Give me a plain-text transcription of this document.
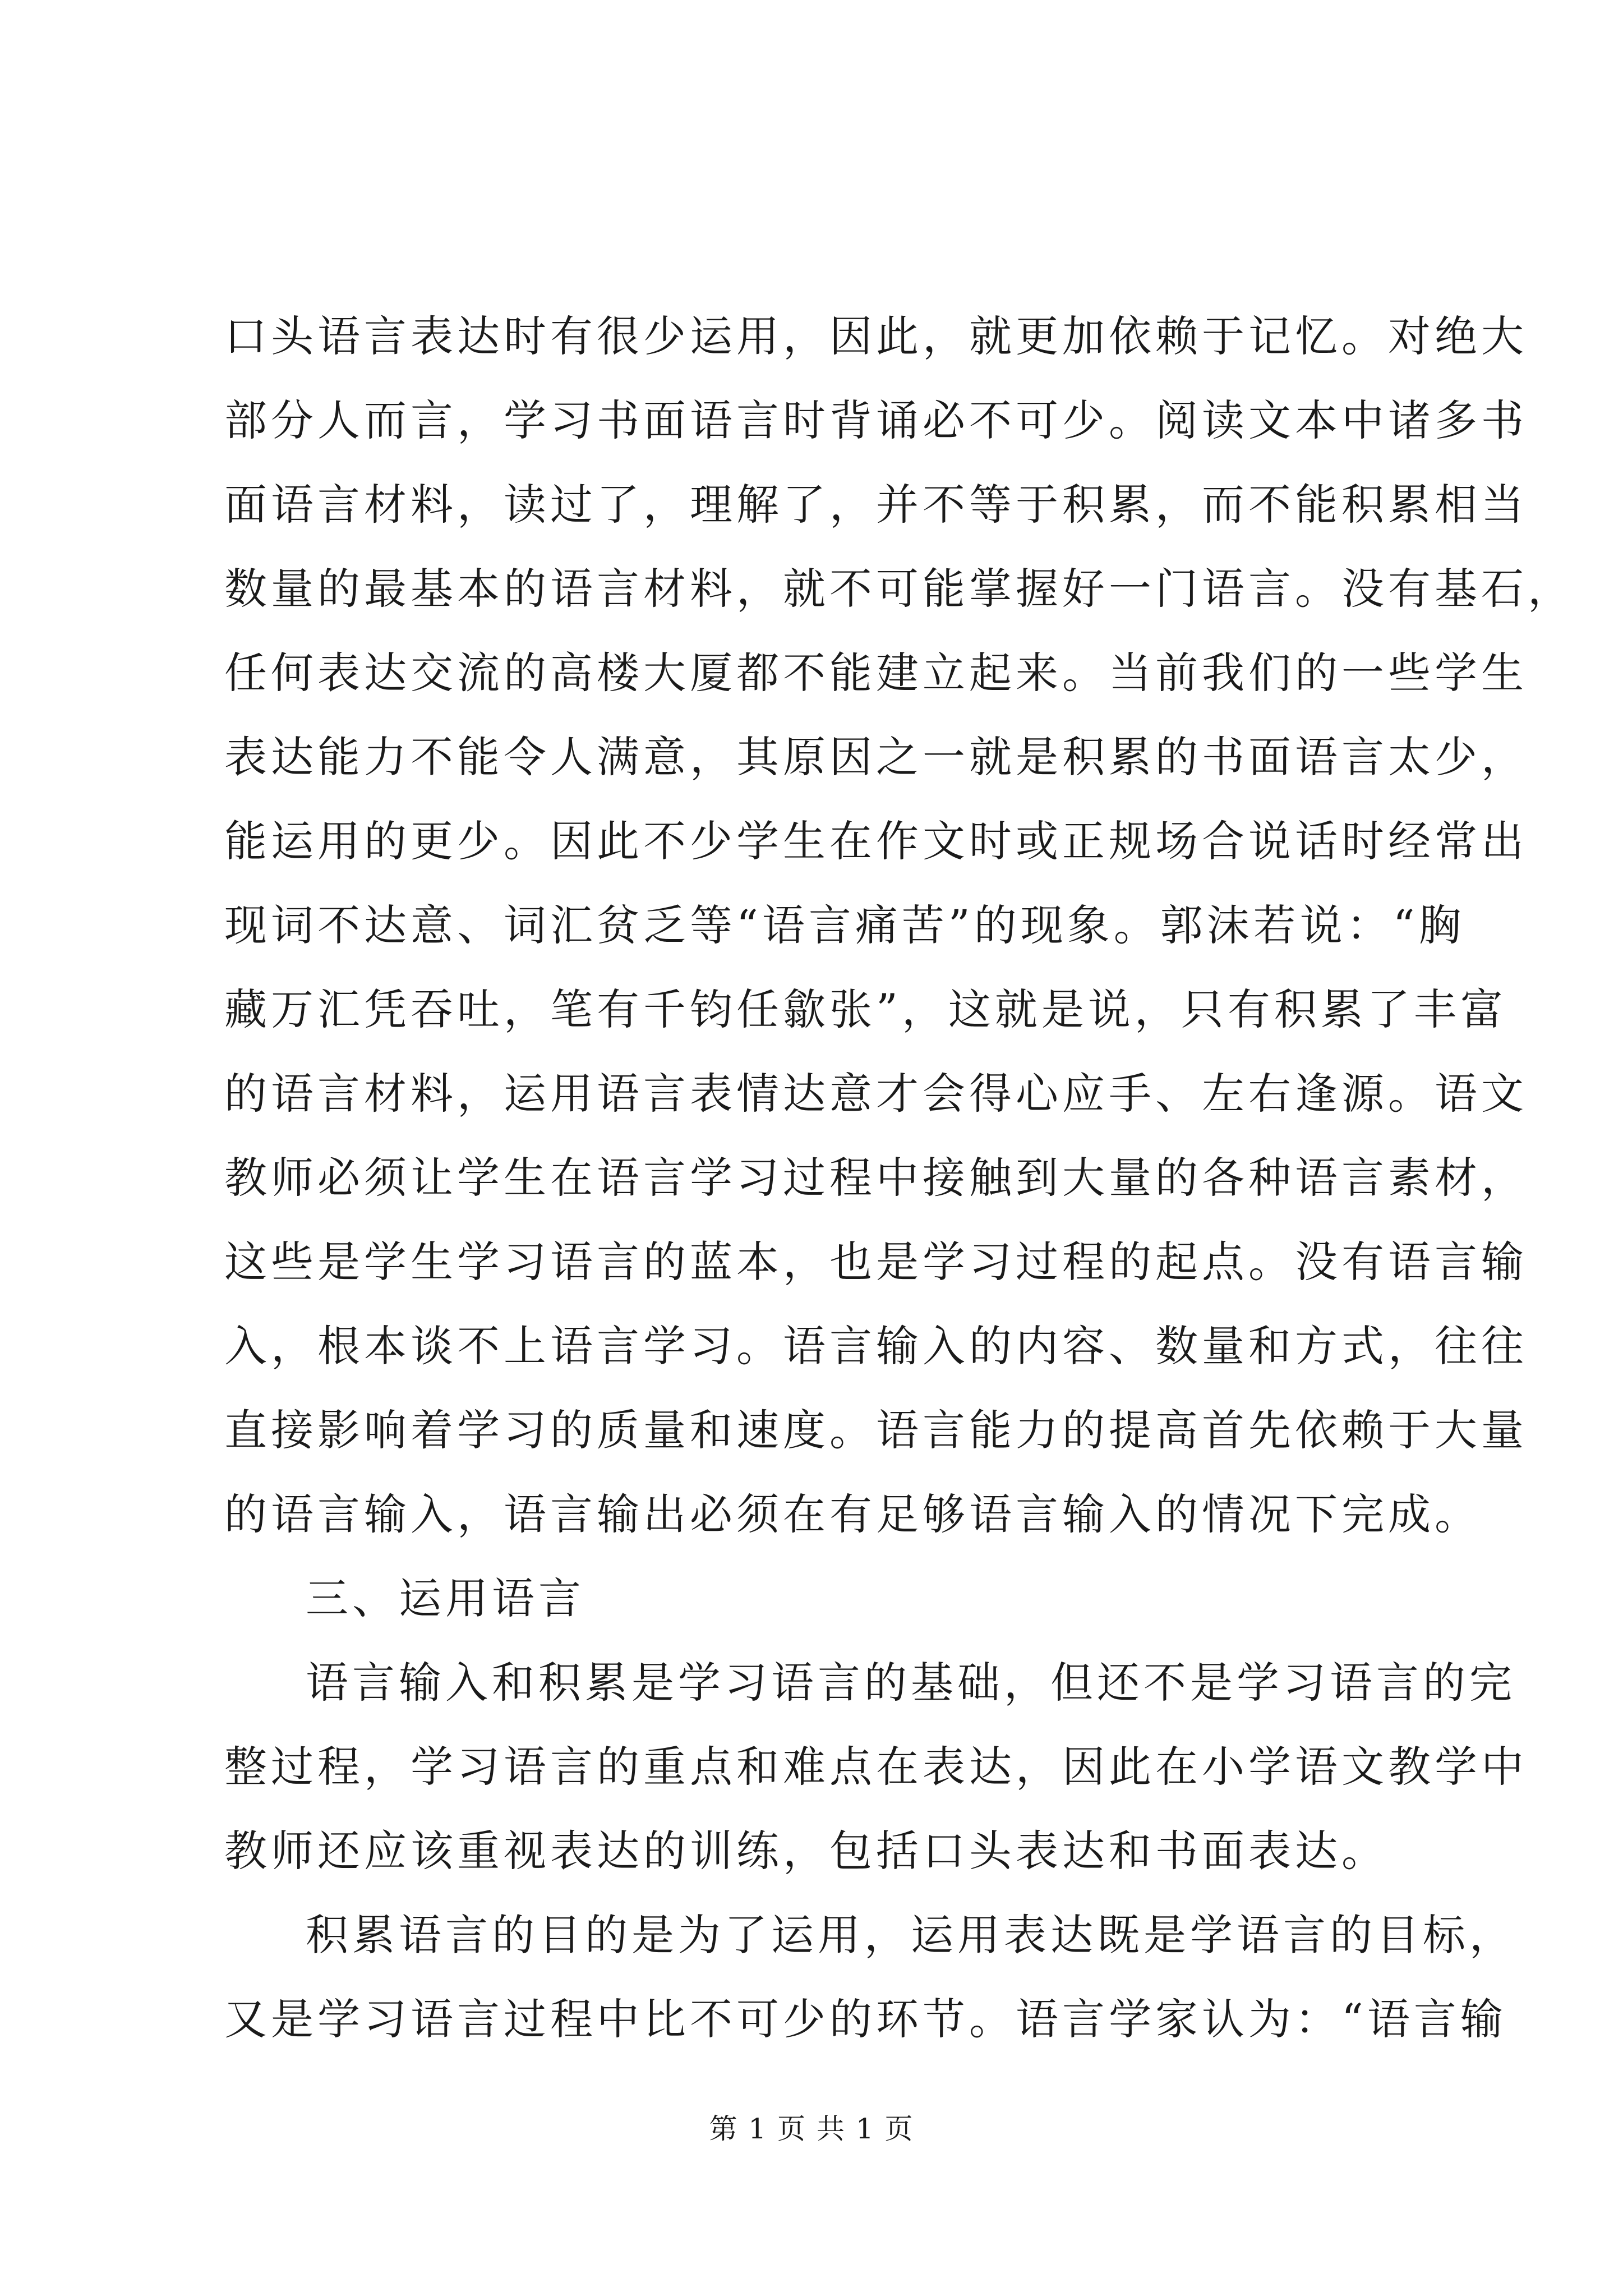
口头语言表达时有很少运用，因此，就更加依赖于记忆。对绝大
部分人而言，学习书面语言时背诵必不可少。阅读文本中诸多书
面语言材料，读过了，理解了，并不等于积累，而不能积累相当
数量的最基本的语言材料，就不可能掌握好一门语言。没有基石，
任何表达交流的高楼大厦都不能建立起来。当前我们的一些学生
表达能力不能令人满意，其原因之一就是积累的书面语言太少，
能运用的更少。因此不少学生在作文时或正规场合说话时经常出
现词不达意、词汇贫乏等“语言痛苦”的现象。郭沫若说：“胸
藏万汇凭吞吐，笔有千钧任歙张”，这就是说，只有积累了丰富
的语言材料，运用语言表情达意才会得心应手、左右逢源。语文
教师必须让学生在语言学习过程中接触到大量的各种语言素材，
这些是学生学习语言的蓝本，也是学习过程的起点。没有语言输
入，根本谈不上语言学习。语言输入的内容、数量和方式，往往
直接影响着学习的质量和速度。语言能力的提高首先依赖于大量
的语言输入，语言输出必须在有足够语言输入的情况下完成。
三、运用语言
语言输入和积累是学习语言的基础，但还不是学习语言的完
整过程，学习语言的重点和难点在表达，因此在小学语文教学中
教师还应该重视表达的训练，包括口头表达和书面表达。
积累语言的目的是为了运用，运用表达既是学语言的目标，
又是学习语言过程中比不可少的环节。语言学家认为：“语言输
第 1 页 共 1 页
